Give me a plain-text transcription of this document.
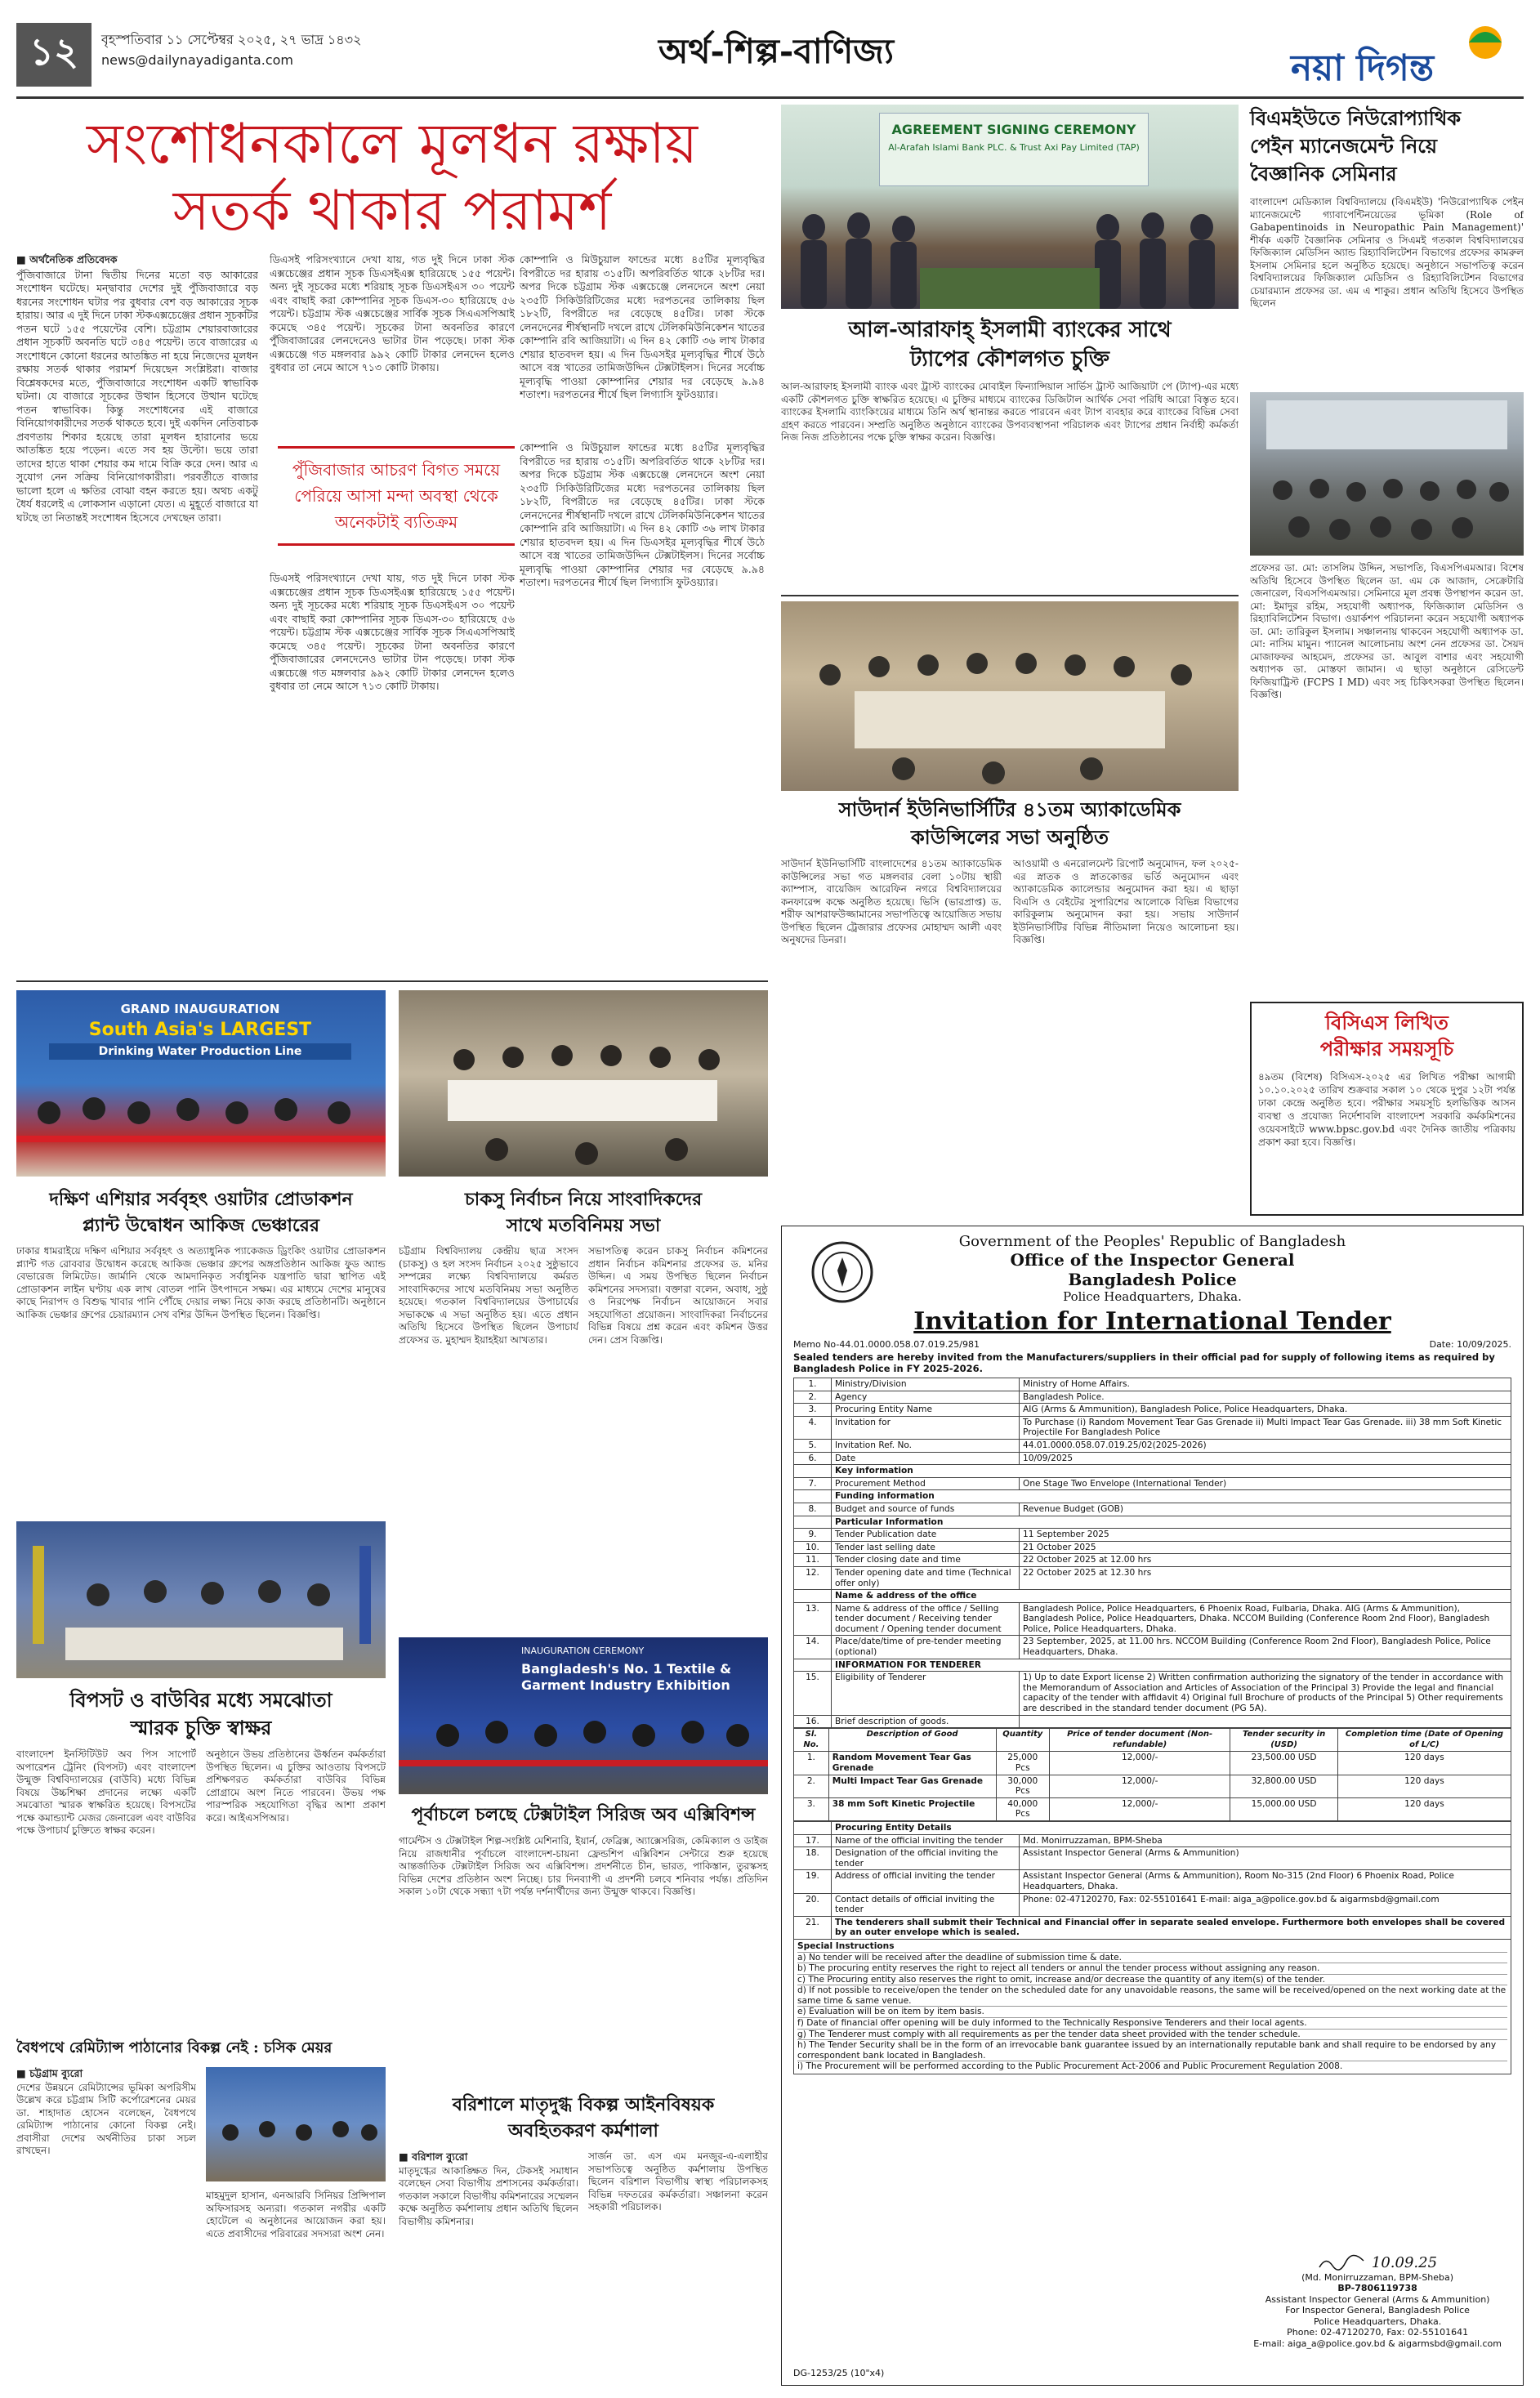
১২ বৃহস্পতিবার ১১ সেপ্টেম্বর ২০২৫, ২৭ ভাদ্র ১৪৩২
news@dailynayadiganta.com	অর্থ-শিল্প-বাণিজ্য	নয়া দিগন্ত
সংশোধনকালে মূলধন রক্ষায়
সতর্ক থাকার পরামর্শ

■ অর্থনৈতিক প্রতিবেদক

পুঁজিবাজারে টানা দ্বিতীয় দিনের মতো বড় আকারের সংশোধন ঘটেছে। মন্দ্বাবার দেশের দুই পুঁজিবাজারে বড় ধরনের সংশোধন ঘটার পর বুধবার বেশ বড় আকারের সূচক হারায়। আর এ দুই দিনে ঢাকা স্টকএক্সচেঞ্জের প্রধান সূচকটির পতন ঘটে ১৫৫ পয়েন্টের বেশি। চট্টগ্রাম শেয়ারবাজারের প্রধান সূচকটি অবনতি ঘটে ৩৪৫ পয়েন্ট। তবে বাজারের এ সংশোধনে কোনো ধরনের আতঙ্কিত না হয়ে নিজেদের মূলধন রক্ষায় সতর্ক থাকার পরামর্শ দিয়েছেন সংশ্লিষ্টরা। বাজার বিশ্লেষকদের মতে, পুঁজিবাজারে সংশোধন একটি স্বাভাবিক ঘটনা। যে বাজারে সূচকের উত্থান হিসেবে উত্থান ঘটেছে পতন স্বাভাবিক। কিন্তু সংশোধনের এই বাজারে বিনিয়োগকারীদের সতর্ক থাকতে হবে। দুই একদিন নেতিবাচক প্রবণতায় শিকার হয়েছে তারা মূলধন হারানোর ভয়ে আতঙ্কিত হয়ে পড়েন। এতে সব হয় উল্টো। ভয়ে তারা তাদের হাতে থাকা শেয়ার কম দামে বিক্রি করে দেন। আর এ সুযোগ নেন সক্রিয় বিনিয়োগকারীরা। পরবর্তীতে বাজার ভালো হলে এ ক্ষতির বোঝা বহন করতে হয়। অথচ একটু ধৈর্য ধরলেই এ লোকসান এড়ানো যেত। এ মুহূর্তে বাজারে যা ঘটছে তা নিতান্তই সংশোধন হিসেবে দেখছেন তারা।

ডিএসই পরিসংখ্যানে দেখা যায়, গত দুই দিনে ঢাকা স্টক এক্সচেঞ্জের প্রধান সূচক ডিএসইএক্স হারিয়েছে ১৫৫ পয়েন্ট। অন্য দুই সূচকের মধ্যে শরিয়াহ সূচক ডিএসইএস ৩০ পয়েন্ট এবং বাছাই করা কোম্পানির সূচক ডিএস-৩০ হারিয়েছে ৫৬ পয়েন্ট। চট্টগ্রাম স্টক এক্সচেঞ্জের সার্বিক সূচক সিএএসপিআই কমেছে ৩৪৫ পয়েন্ট। সূচকের টানা অবনতির কারণে পুঁজিবাজারের লেনদেনেও ভাটার টান পড়েছে। ঢাকা স্টক এক্সচেঞ্জে গত মঙ্গলবার ৯৯২ কোটি টাকার লেনদেন হলেও বুধবার তা নেমে আসে ৭১৩ কোটি টাকায়।

পুঁজিবাজার আচরণ বিগত সময়ে পেরিয়ে আসা মন্দা অবস্থা থেকে অনেকটাই ব্যতিক্রম

কোম্পানি ও মিউচুয়াল ফান্ডের মধ্যে ৪৫টির মূল্যবৃদ্ধির বিপরীতে দর হারায় ৩১৫টি। অপরিবর্তিত থাকে ২৮টির দর। অপর দিকে চট্টগ্রাম স্টক এক্সচেঞ্জে লেনদেনে অংশ নেয়া ২৩৫টি সিকিউরিটিজের মধ্যে দরপতনের তালিকায় ছিল ১৮২টি, বিপরীতে দর বেড়েছে ৪৫টির। ঢাকা স্টকে লেনদেনের শীর্ষস্থানটি দখলে রাখে টেলিকমিউনিকেশন খাতের কোম্পানি রবি আজিয়াটা। এ দিন ৪২ কোটি ৩৬ লাখ টাকার শেয়ার হাতবদল হয়। এ দিন ডিএসইর মূল্যবৃদ্ধির শীর্ষে উঠে আসে বস্ত্র খাতের তামিজউদ্দিন টেক্সটাইলস। দিনের সর্বোচ্চ মূল্যবৃদ্ধি পাওয়া কোম্পানির শেয়ার দর বেড়েছে ৯.৯৪ শতাংশ। দরপতনের শীর্ষে ছিল লিগ্যাসি ফুটওয়্যার।

ডিএসই পরিসংখ্যানে দেখা যায়, গত দুই দিনে ঢাকা স্টক এক্সচেঞ্জের প্রধান সূচক ডিএসইএক্স হারিয়েছে ১৫৫ পয়েন্ট। অন্য দুই সূচকের মধ্যে শরিয়াহ সূচক ডিএসইএস ৩০ পয়েন্ট এবং বাছাই করা কোম্পানির সূচক ডিএস-৩০ হারিয়েছে ৫৬ পয়েন্ট। চট্টগ্রাম স্টক এক্সচেঞ্জের সার্বিক সূচক সিএএসপিআই কমেছে ৩৪৫ পয়েন্ট। সূচকের টানা অবনতির কারণে পুঁজিবাজারের লেনদেনেও ভাটার টান পড়েছে। ঢাকা স্টক এক্সচেঞ্জে গত মঙ্গলবার ৯৯২ কোটি টাকার লেনদেন হলেও বুধবার তা নেমে আসে ৭১৩ কোটি টাকায়।

কোম্পানি ও মিউচুয়াল ফান্ডের মধ্যে ৪৫টির মূল্যবৃদ্ধির বিপরীতে দর হারায় ৩১৫টি। অপরিবর্তিত থাকে ২৮টির দর। অপর দিকে চট্টগ্রাম স্টক এক্সচেঞ্জে লেনদেনে অংশ নেয়া ২৩৫টি সিকিউরিটিজের মধ্যে দরপতনের তালিকায় ছিল ১৮২টি, বিপরীতে দর বেড়েছে ৪৫টির। ঢাকা স্টকে লেনদেনের শীর্ষস্থানটি দখলে রাখে টেলিকমিউনিকেশন খাতের কোম্পানি রবি আজিয়াটা। এ দিন ৪২ কোটি ৩৬ লাখ টাকার শেয়ার হাতবদল হয়। এ দিন ডিএসইর মূল্যবৃদ্ধির শীর্ষে উঠে আসে বস্ত্র খাতের তামিজউদ্দিন টেক্সটাইলস। দিনের সর্বোচ্চ মূল্যবৃদ্ধি পাওয়া কোম্পানির শেয়ার দর বেড়েছে ৯.৯৪ শতাংশ। দরপতনের শীর্ষে ছিল লিগ্যাসি ফুটওয়্যার।

AGREEMENT SIGNING CEREMONY
Al-Arafah Islami Bank PLC. & Trust Axi Pay Limited (TAP)
আল-আরাফাহ্ ইসলামী ব্যাংকের সাথে
ট্যাপের কৌশলগত চুক্তি

আল-আরাফাহ ইসলামী ব্যাংক এবং ট্রাস্ট ব্যাংকের মোবাইল ফিন্যান্সিয়াল সার্ভিস ট্রাস্ট আজিয়াটা পে (ট্যাপ)-এর মধ্যে একটি কৌশলগত চুক্তি স্বাক্ষরিত হয়েছে। এ চুক্তির মাধ্যমে ব্যাংকের ডিজিটাল আর্থিক সেবা পরিধি আরো বিস্তৃত হবে। ব্যাংকের ইসলামি ব্যাংকিংয়ের মাধ্যমে তিনি অর্থ স্থানান্তর করতে পারবেন এবং ট্যাপ ব্যবহার করে ব্যাংকের বিভিন্ন সেবা গ্রহণ করতে পারবেন। সম্প্রতি অনুষ্ঠিত অনুষ্ঠানে ব্যাংকের উপব্যবস্থাপনা পরিচালক এবং ট্যাপের প্রধান নির্বাহী কর্মকর্তা নিজ নিজ প্রতিষ্ঠানের পক্ষে চুক্তি স্বাক্ষর করেন। বিজ্ঞপ্তি।

বিএমইউতে নিউরোপ্যাথিক
পেইন ম্যানেজমেন্ট নিয়ে
বৈজ্ঞানিক সেমিনার

বাংলাদেশ মেডিক্যাল বিশ্ববিদ্যালয়ে (বিএমইউ) 'নিউরোপ্যাথিক পেইন ম্যানেজমেন্টে গ্যাবাপেন্টিনয়েডের ভূমিকা (Role of Gabapentinoids in Neuropathic Pain Management)' শীর্ষক একটি বৈজ্ঞানিক সেমিনার ও সিএমই গতকাল বিশ্ববিদ্যালয়ের ফিজিক্যাল মেডিসিন অ্যান্ড রিহ্যাবিলিটেশন বিভাগের প্রফেসর কামরুল ইসলাম সেমিনার হলে অনুষ্ঠিত হয়েছে। অনুষ্ঠানে সভাপতিত্ব করেন বিশ্ববিদ্যালয়ের ফিজিক্যাল মেডিসিন ও রিহ্যাবিলিটেশন বিভাগের চেয়ারম্যান প্রফেসর ডা. এম এ শাকুর। প্রধান অতিথি হিসেবে উপস্থিত ছিলেন

প্রফেসর ডা. মো: তাসলিম উদ্দিন, সভাপতি, বিএসপিএমআর। বিশেষ অতিথি হিসেবে উপস্থিত ছিলেন ডা. এম কে আজাদ, সেক্রেটারি জেনারেল, বিএসপিএমআর। সেমিনারে মূল প্রবন্ধ উপস্থাপন করেন ডা. মো: ইমাদুর রহিম, সহযোগী অধ্যাপক, ফিজিক্যাল মেডিসিন ও রিহ্যাবিলিটেশন বিভাগ। ওয়ার্কশপ পরিচালনা করেন সহযোগী অধ্যাপক ডা. মো: তারিকুল ইসলাম। সঞ্চালনায় থাকবেন সহযোগী অধ্যাপক ডা. মো: নাসিম মামুন। প্যানেল আলোচনায় অংশ নেন প্রফেসর ডা. সৈয়দ মোজাফফর আহমেদ, প্রফেসর ডা. আবুল বাশার এবং সহযোগী অধ্যাপক ডা. মোস্তফা জামান। এ ছাড়া অনুষ্ঠানে রেসিডেন্ট ফিজিয়াট্রিস্ট (FCPS I MD) এবং সহ চিকিৎসকরা উপস্থিত ছিলেন। বিজ্ঞপ্তি।

সাউদার্ন ইউনিভার্সিটির ৪১তম অ্যাকাডেমিক
কাউন্সিলের সভা অনুষ্ঠিত

সাউদার্ন ইউনিভার্সিটি বাংলাদেশের ৪১তম অ্যাকাডেমিক কাউন্সিলের সভা গত মঙ্গলবার বেলা ১০টায় স্থায়ী ক্যাম্পাস, বায়েজিদ আরেফিন নগরে বিশ্ববিদ্যালয়ের কনফারেন্স কক্ষে অনুষ্ঠিত হয়েছে। ভিসি (ভারপ্রাপ্ত) ড. শরীফ আশরাফউজ্জামানের সভাপতিত্বে আয়োজিত সভায় উপস্থিত ছিলেন ট্রেজারার প্রফেসর মোহাম্মদ আলী এবং অনুষদের ডিনরা।

আওয়ামী ও এনরোলমেন্ট রিপোর্ট অনুমোদন, ফল ২০২৫-এর স্নাতক ও স্নাতকোত্তর ভর্তি অনুমোদন এবং অ্যাকাডেমিক ক্যালেন্ডার অনুমোদন করা হয়। এ ছাড়া বিএসি ও বেইটের সুপারিশের আলোকে বিভিন্ন বিভাগের কারিকুলাম অনুমোদন করা হয়। সভায় সাউদার্ন ইউনিভার্সিটির বিভিন্ন নীতিমালা নিয়েও আলোচনা হয়। বিজ্ঞপ্তি।

বিসিএস লিখিত
পরীক্ষার সময়সূচি
৪৯তম (বিশেষ) বিসিএস-২০২৫ এর লিখিত পরীক্ষা আগামী ১০.১০.২০২৫ তারিখ শুক্রবার সকাল ১০ থেকে দুপুর ১২টা পর্যন্ত ঢাকা কেন্দ্রে অনুষ্ঠিত হবে। পরীক্ষার সময়সূচি হলভিত্তিক আসন ব্যবস্থা ও প্রযোজ্য নির্দেশাবলি বাংলাদেশ সরকারি কর্মকমিশনের ওয়েবসাইটে www.bpsc.gov.bd এবং দৈনিক জাতীয় পত্রিকায় প্রকাশ করা হবে। বিজ্ঞপ্তি।
GRAND INAUGURATION
South Asia's LARGEST
Drinking Water Production Line
দক্ষিণ এশিয়ার সর্ববৃহৎ ওয়াটার প্রোডাকশন
প্ল্যান্ট উদ্বোধন আকিজ ভেঞ্চারের

ঢাকার ধামরাইয়ে দক্ষিণ এশিয়ার সর্ববৃহৎ ও অত্যাধুনিক প্যাকেজড ড্রিংকিং ওয়াটার প্রোডাকশন প্ল্যান্ট গত রোববার উদ্বোধন করেছে আকিজ ভেঞ্চার গ্রুপের অঙ্গপ্রতিষ্ঠান আকিজ ফুড অ্যান্ড বেভারেজ লিমিটেড। জার্মানি থেকে আমদানিকৃত সর্বাধুনিক যন্ত্রপাতি দ্বারা স্থাপিত এই প্রোডাকশন লাইন ঘণ্টায় এক লাখ বোতল পানি উৎপাদনে সক্ষম। এর মাধ্যমে দেশের মানুষের কাছে নিরাপদ ও বিশুদ্ধ খাবার পানি পৌঁছে দেয়ার লক্ষ্য নিয়ে কাজ করছে প্রতিষ্ঠানটি। অনুষ্ঠানে আকিজ ভেঞ্চার গ্রুপের চেয়ারম্যান সেখ বশির উদ্দিন উপস্থিত ছিলেন। বিজ্ঞপ্তি।

চাকসু নির্বাচন নিয়ে সাংবাদিকদের
সাথে মতবিনিময় সভা

চট্টগ্রাম বিশ্ববিদ্যালয় কেন্দ্রীয় ছাত্র সংসদ (চাকসু) ও হল সংসদ নির্বাচন ২০২৫ সুষ্ঠুভাবে সম্পন্নের লক্ষ্যে বিশ্ববিদ্যালয়ে কর্মরত সাংবাদিকদের সাথে মতবিনিময় সভা অনুষ্ঠিত হয়েছে। গতকাল বিশ্ববিদ্যালয়ের উপাচার্যের সভাকক্ষে এ সভা অনুষ্ঠিত হয়। এতে প্রধান অতিথি হিসেবে উপস্থিত ছিলেন উপাচার্য প্রফেসর ড. মুহাম্মদ ইয়াহইয়া আখতার।

সভাপতিত্ব করেন চাকসু নির্বাচন কমিশনের প্রধান নির্বাচন কমিশনার প্রফেসর ড. মনির উদ্দিন। এ সময় উপস্থিত ছিলেন নির্বাচন কমিশনের সদস্যরা। বক্তারা বলেন, অবাধ, সুষ্ঠু ও নিরপেক্ষ নির্বাচন আয়োজনে সবার সহযোগিতা প্রয়োজন। সাংবাদিকরা নির্বাচনের বিভিন্ন বিষয়ে প্রশ্ন করেন এবং কমিশন উত্তর দেন। প্রেস বিজ্ঞপ্তি।

বিপসট ও বাউবির মধ্যে সমঝোতা
স্মারক চুক্তি স্বাক্ষর

বাংলাদেশ ইনস্টিটিউট অব পিস সাপোর্ট অপারেশন ট্রেনিং (বিপসট) এবং বাংলাদেশ উন্মুক্ত বিশ্ববিদ্যালয়ের (বাউবি) মধ্যে বিভিন্ন বিষয়ে উচ্চশিক্ষা প্রদানের লক্ষ্যে একটি সমঝোতা স্মারক স্বাক্ষরিত হয়েছে। বিপসটের পক্ষে কমান্ড্যান্ট মেজর জেনারেল এবং বাউবির পক্ষে উপাচার্য চুক্তিতে স্বাক্ষর করেন।

অনুষ্ঠানে উভয় প্রতিষ্ঠানের ঊর্ধ্বতন কর্মকর্তারা উপস্থিত ছিলেন। এ চুক্তির আওতায় বিপসটে প্রশিক্ষণরত কর্মকর্তারা বাউবির বিভিন্ন প্রোগ্রামে অংশ নিতে পারবেন। উভয় পক্ষ পারস্পরিক সহযোগিতা বৃদ্ধির আশা প্রকাশ করে। আইএসপিআর।

INAUGURATION CEREMONY
Bangladesh's No. 1 Textile & Garment Industry Exhibition
পূর্বাচলে চলছে টেক্সটাইল সিরিজ অব এক্সিবিশন্স

গার্মেন্টস ও টেক্সটাইল শিল্প-সংশ্লিষ্ট মেশিনারি, ইয়ার্ন, ফেব্রিক্স, অ্যাক্সেসরিজ, কেমিক্যাল ও ডাইজ নিয়ে রাজধানীর পূর্বাচলে বাংলাদেশ-চায়না ফ্রেন্ডশিপ এক্সিবিশন সেন্টারে শুরু হয়েছে আন্তর্জাতিক টেক্সটাইল সিরিজ অব এক্সিবিশন্স। প্রদর্শনীতে চীন, ভারত, পাকিস্তান, তুরস্কসহ বিভিন্ন দেশের প্রতিষ্ঠান অংশ নিচ্ছে। চার দিনব্যাপী এ প্রদর্শনী চলবে শনিবার পর্যন্ত। প্রতিদিন সকাল ১০টা থেকে সন্ধ্যা ৭টা পর্যন্ত দর্শনার্থীদের জন্য উন্মুক্ত থাকবে। বিজ্ঞপ্তি।

বৈধপথে রেমিট্যান্স পাঠানোর বিকল্প নেই : চসিক মেয়র

■ চট্টগ্রাম ব্যুরো

দেশের উন্নয়নে রেমিট্যান্সের ভূমিকা অপরিসীম উল্লেখ করে চট্টগ্রাম সিটি কর্পোরেশনের মেয়র ডা. শাহাদাত হোসেন বলেছেন, বৈধপথে রেমিট্যান্স পাঠানোর কোনো বিকল্প নেই। প্রবাসীরা দেশের অর্থনীতির চাকা সচল রাখছেন।

মাহমুদুল হাসান, এনআরবি সিনিয়র প্রিন্সিপাল অফিসারসহ অন্যরা। গতকাল নগরীর একটি হোটেলে এ অনুষ্ঠানের আয়োজন করা হয়। এতে প্রবাসীদের পরিবারের সদস্যরা অংশ নেন।

বরিশালে মাতৃদুগ্ধ বিকল্প আইনবিষয়ক
অবহিতকরণ কর্মশালা

■ বরিশাল ব্যুরো

মাতৃদুগ্ধের আকাঙ্ক্ষিত দিন, টেকসই সমাধান বলেছেন সেবা বিভাগীয় প্রশাসনের কর্মকর্তারা। গতকাল সকালে বিভাগীয় কমিশনারের সম্মেলন কক্ষে অনুষ্ঠিত কর্মশালায় প্রধান অতিথি ছিলেন বিভাগীয় কমিশনার।

সার্জন ডা. এস এম মনজুর-এ-এলাহীর সভাপতিত্বে অনুষ্ঠিত কর্মশালায় উপস্থিত ছিলেন বরিশাল বিভাগীয় স্বাস্থ্য পরিচালকসহ বিভিন্ন দফতরের কর্মকর্তারা। সঞ্চালনা করেন সহকারী পরিচালক।

Government of the Peoples' Republic of Bangladesh
Office of the Inspector General
Bangladesh Police
Police Headquarters, Dhaka.
Invitation for International Tender
Memo No-44.01.0000.058.07.019.25/981	Date: 10/09/2025.
Sealed tenders are hereby invited from the Manufacturers/suppliers in their official pad for supply of following items as required by Bangladesh Police in FY 2025-2026.
1.	Ministry/Division	Ministry of Home Affairs.
2.	Agency	Bangladesh Police.
3.	Procuring Entity Name	AIG (Arms & Ammunition), Bangladesh Police, Police Headquarters, Dhaka.
4.	Invitation for	To Purchase (i) Random Movement Tear Gas Grenade ii) Multi Impact Tear Gas Grenade. iii) 38 mm Soft Kinetic Projectile For Bangladesh Police
5.	Invitation Ref. No.	44.01.0000.058.07.019.25/02(2025-2026)
6.	Date	10/09/2025
	Key information	
7.	Procurement Method	One Stage Two Envelope (International Tender)
	Funding information	
8.	Budget and source of funds	Revenue Budget (GOB)
	Particular Information	
9.	Tender Publication date	11 September 2025
10.	Tender last selling date	21 October 2025
11.	Tender closing date and time	22 October 2025 at 12.00 hrs
12.	Tender opening date and time (Technical offer only)	22 October 2025 at 12.30 hrs
	Name & address of the office	
13.	Name & address of the office / Selling tender document / Receiving tender document / Opening tender document	Bangladesh Police, Police Headquarters, 6 Phoenix Road, Fulbaria, Dhaka. AIG (Arms & Ammunition), Bangladesh Police, Police Headquarters, Dhaka. NCCOM Building (Conference Room 2nd Floor), Bangladesh Police, Police Headquarters, Dhaka.
14.	Place/date/time of pre-tender meeting (optional)	23 September, 2025, at 11.00 hrs. NCCOM Building (Conference Room 2nd Floor), Bangladesh Police, Police Headquarters, Dhaka.
	INFORMATION FOR TENDERER	
15.	Eligibility of Tenderer	1) Up to date Export license 2) Written confirmation authorizing the signatory of the tender in accordance with the Memorandum of Association and Articles of Association of the Principal 3) Provide the legal and financial capacity of the tender with affidavit 4) Original full Brochure of products of the Principal 5) Other requirements are described in the standard tender document (PG 5A).
16.	Brief description of goods.	
Sl. No.	Description of Good	Quantity	Price of tender document (Non-refundable)	Tender security in (USD)	Completion time (Date of Opening of L/C)
1.	Random Movement Tear Gas Grenade	25,000 Pcs	12,000/-	23,500.00 USD	120 days
2.	Multi Impact Tear Gas Grenade	30,000 Pcs	12,000/-	32,800.00 USD	120 days
3.	38 mm Soft Kinetic Projectile	40,000 Pcs	12,000/-	15,000.00 USD	120 days
	Procuring Entity Details	
17.	Name of the official inviting the tender	Md. Monirruzzaman, BPM-Sheba
18.	Designation of the official inviting the tender	Assistant Inspector General (Arms & Ammunition)
19.	Address of official inviting the tender	Assistant Inspector General (Arms & Ammunition), Room No-315 (2nd Floor) 6 Phoenix Road, Police Headquarters, Dhaka.
20.	Contact details of official inviting the tender	Phone: 02-47120270, Fax: 02-55101641 E-mail: aiga_a@police.gov.bd & aigarmsbd@gmail.com
21.	The tenderers shall submit their Technical and Financial offer in separate sealed envelope. Furthermore both envelopes shall be covered by an outer envelope which is sealed.	
Special Instructions
a) No tender will be received after the deadline of submission time & date.
b) The procuring entity reserves the right to reject all tenders or annul the tender process without assigning any reason.
c) The Procuring entity also reserves the right to omit, increase and/or decrease the quantity of any item(s) of the tender.
d) If not possible to receive/open the tender on the scheduled date for any unavoidable reasons, the same will be received/opened on the next working date at the same time & same venue.
e) Evaluation will be on item by item basis.
f) Date of financial offer opening will be duly informed to the Technically Responsive Tenderers and their local agents.
g) The Tenderer must comply with all requirements as per the tender data sheet provided with the tender schedule.
h) The Tender Security shall be in the form of an irrevocable bank guarantee issued by an internationally reputable bank and shall require to be endorsed by any correspondent bank located in Bangladesh.
i) The Procurement will be performed according to the Public Procurement Act-2006 and Public Procurement Regulation 2008.
10.09.25
(Md. Monirruzzaman, BPM-Sheba)
BP-7806119738
Assistant Inspector General (Arms & Ammunition)
For Inspector General, Bangladesh Police
Police Headquarters, Dhaka.
Phone: 02-47120270, Fax: 02-55101641
E-mail: aiga_a@police.gov.bd & aigarmsbd@gmail.com
DG-1253/25 (10"x4)
